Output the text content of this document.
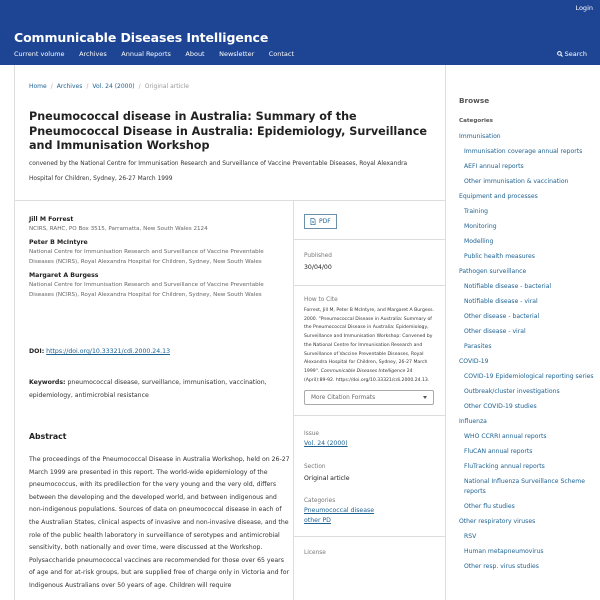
Login
Communicable Diseases Intelligence
Current volume Archives Annual Reports About Newsletter Contact	Search
Home / Archives / Vol. 24 (2000) / Original article
Pneumococcal disease in Australia: Summary of the Pneumococcal Disease in Australia: Epidemiology, Surveillance and Immunisation Workshop
convened by the National Centre for Immunisation Research and Surveillance of Vaccine Preventable Diseases, Royal Alexandra Hospital for Children, Sydney, 26-27 March 1999
Jill M Forrest
NCIRS, RAHC, PO Box 3515, Parramatta, New South Wales 2124
Peter B McIntyre
National Centre for Immunisation Research and Surveillance of Vaccine Preventable Diseases (NCIRS), Royal Alexandra Hospital for Children, Sydney, New South Wales
Margaret A Burgess
National Centre for Immunisation Research and Surveillance of Vaccine Preventable Diseases (NCIRS), Royal Alexandra Hospital for Children, Sydney, New South Wales
DOI: https://doi.org/10.33321/cdi.2000.24.13
Keywords: pneumococcal disease, surveillance, immunisation, vaccination, epidemiology, antimicrobial resistance
Abstract
The proceedings of the Pneumococcal Disease in Australia Workshop, held on 26-27 March 1999 are presented in this report. The world-wide epidemiology of the pneumococcus, with its predilection for the very young and the very old, differs between the developing and the developed world, and between indigenous and non-indigenous populations. Sources of data on pneumococcal disease in each of the Australian States, clinical aspects of invasive and non-invasive disease, and the role of the public health laboratory in surveillance of serotypes and antimicrobial sensitivity, both nationally and over time, were discussed at the Workshop. Polysaccharide pneumococcal vaccines are recommended for those over 65 years of age and for at-risk groups, but are supplied free of charge only in Victoria and for Indigenous Australians over 50 years of age. Children will require
PDF
Published
30/04/00
How to Cite
Forrest, Jill M, Peter B McIntyre, and Margaret A Burgess. 2000. "Pneumococcal Disease in Australia: Summary of the Pneumococcal Disease in Australia: Epidemiology, Surveillance and Immunisation Workshop: Convened by the National Centre for Immunisation Research and Surveillance of Vaccine Preventable Diseases, Royal Alexandra Hospital for Children, Sydney, 26-27 March 1999". Communicable Diseases Intelligence 24 (April):89-92. https://doi.org/10.33321/cdi.2000.24.13.
More Citation Formats
Issue
Vol. 24 (2000)
Section
Original article
Categories
Pneumococcal disease
other PD
License
Browse
Categories
Immunisation
Immunisation coverage annual reports
AEFI annual reports
Other immunisation & vaccination
Equipment and processes
Training
Monitoring
Modelling
Public health measures
Pathogen surveillance
Notifiable disease - bacterial
Notifiable disease - viral
Other disease - bacterial
Other disease - viral
Parasites
COVID-19
COVID-19 Epidemiological reporting series
Outbreak/cluster investigations
Other COVID-19 studies
Influenza
WHO CCRRI annual reports
FluCAN annual reports
FluTracking annual reports
National Influenza Surveillance Scheme reports
Other flu studies
Other respiratory viruses
RSV
Human metapneumovirus
Other resp. virus studies
